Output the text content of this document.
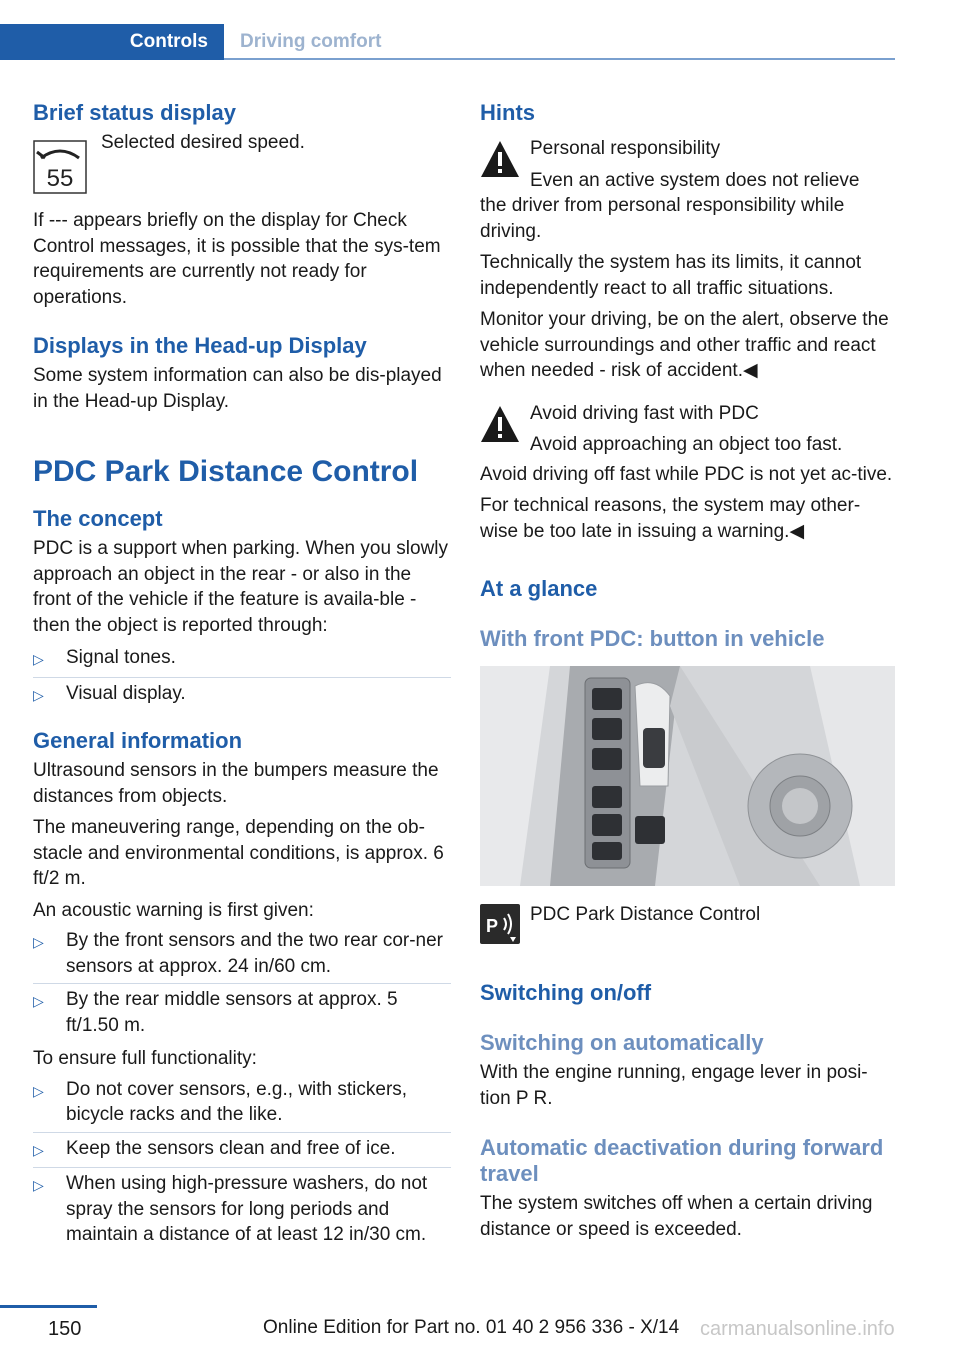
Controls	Driving comfort
Brief status display
55

Selected desired speed.

If --- appears briefly on the display for Check Control messages, it is possible that the sys-tem requirements are currently not ready for operations.

Displays in the Head-up Display

Some system information can also be dis-played in the Head-up Display.

PDC Park Distance Control
The concept

PDC is a support when parking. When you slowly approach an object in the rear - or also in the front of the vehicle if the feature is availa-ble - then the object is reported through:

▷	Signal tones.
▷	Visual display.
General information

Ultrasound sensors in the bumpers measure the distances from objects.

The maneuvering range, depending on the ob-stacle and environmental conditions, is approx. 6 ft/2 m.

An acoustic warning is first given:

▷	By the front sensors and the two rear cor-ner sensors at approx. 24 in/60 cm.
▷	By the rear middle sensors at approx. 5 ft/1.50 m.

To ensure full functionality:

▷	Do not cover sensors, e.g., with stickers, bicycle racks and the like.
▷	Keep the sensors clean and free of ice.
▷	When using high-pressure washers, do not spray the sensors for long periods and maintain a distance of at least 12 in/30 cm.
Hints

Personal responsibility

Even an active system does not relieve

the driver from personal responsibility while driving.

Technically the system has its limits, it cannot independently react to all traffic situations.

Monitor your driving, be on the alert, observe the vehicle surroundings and other traffic and react when needed - risk of accident.◀

Avoid driving fast with PDC

Avoid approaching an object too fast.

Avoid driving off fast while PDC is not yet ac-tive.

For technical reasons, the system may other-wise be too late in issuing a warning.◀

At a glance
With front PDC: button in vehicle
P

PDC Park Distance Control

Switching on/off
Switching on automatically

With the engine running, engage lever in posi-tion P R.

Automatic deactivation during forward travel

The system switches off when a certain driving distance or speed is exceeded.

150	Online Edition for Part no. 01 40 2 956 336 - X/14 carmanualsonline.info
